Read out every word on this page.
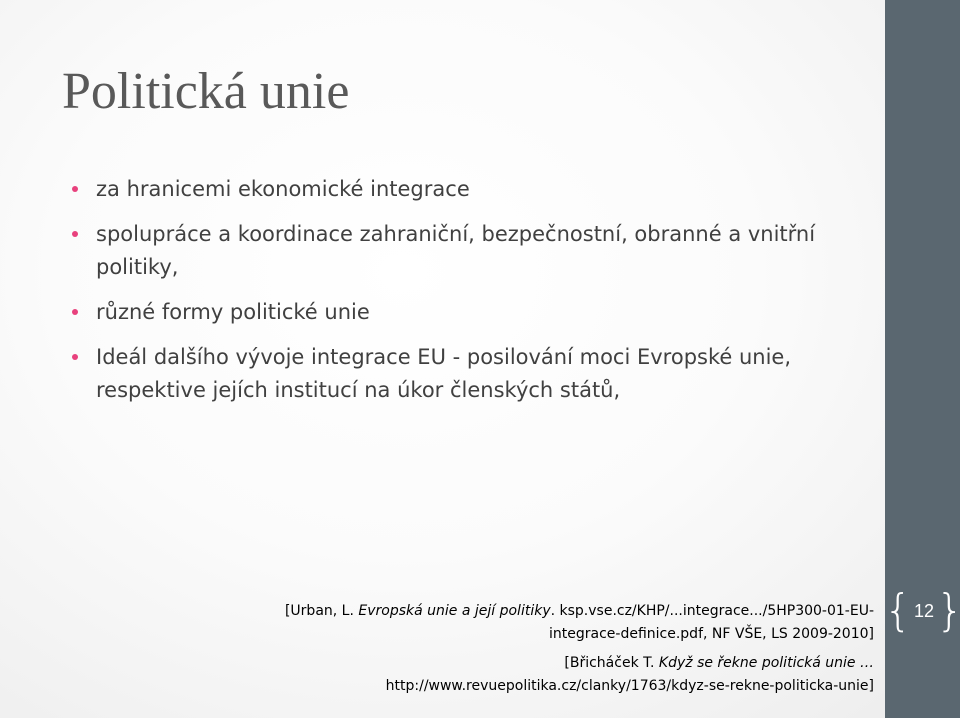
{ 12 }
Politická unie
za hranicemi ekonomické integrace
spolupráce a koordinace zahraniční, bezpečnostní, obranné a vnitřní politiky,
různé formy politické unie
Ideál dalšího vývoje integrace EU - posilování moci Evropské unie, respektive jejích institucí na úkor členských států,

[Urban, L. Evropská unie a její politiky. ksp.vse.cz/KHP/...integrace.../5HP300-01-EU-integrace-definice.pdf, NF VŠE, LS 2009-2010]

[Břicháček T. Když se řekne politická unie … http://www.revuepolitika.cz/clanky/1763/kdyz-se-rekne-politicka-unie]
